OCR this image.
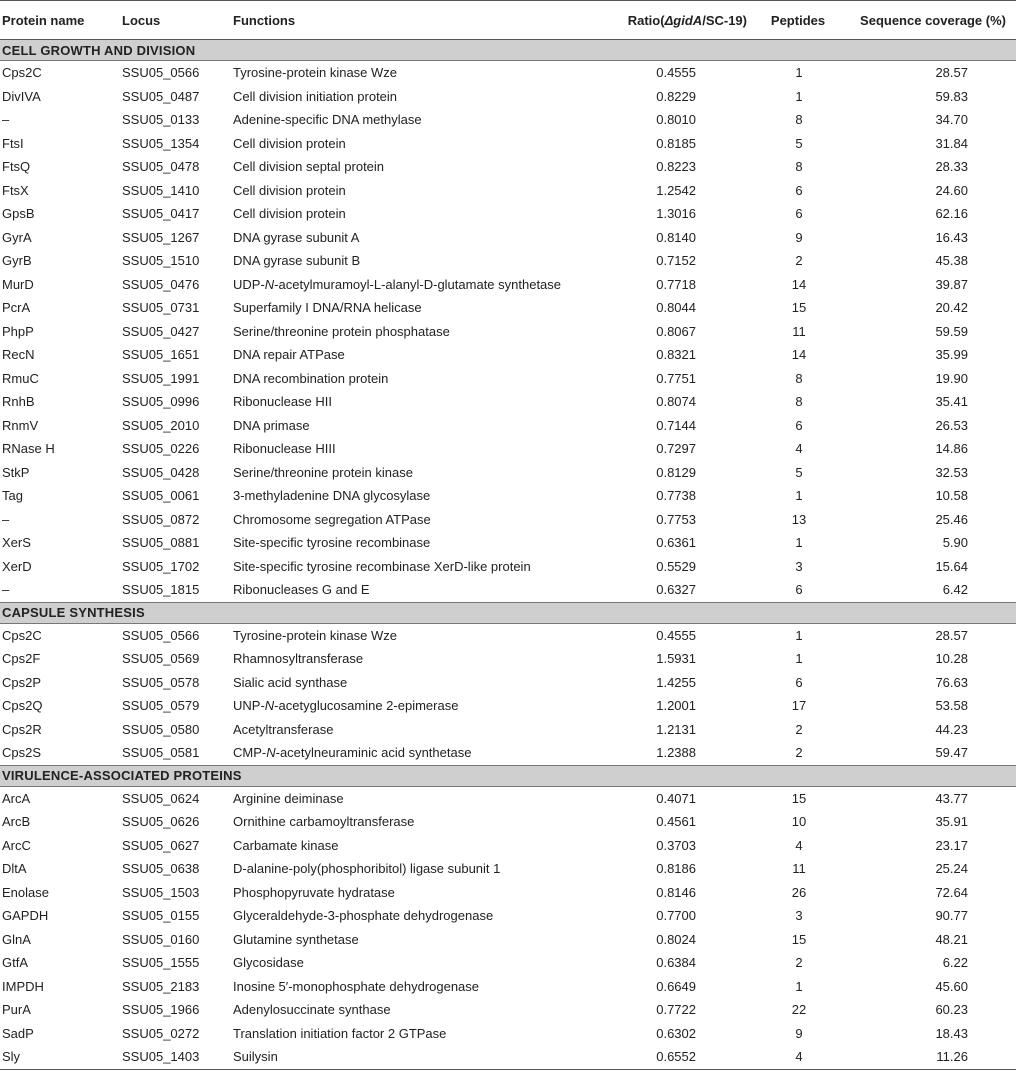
Protein name	Locus	Functions	Ratio(ΔgidA/SC-19)	Peptides	Sequence coverage (%)
CELL GROWTH AND DIVISION					
Cps2C	SSU05_0566	Tyrosine-protein kinase Wze	0.4555	1	28.57
DivIVA	SSU05_0487	Cell division initiation protein	0.8229	1	59.83
–	SSU05_0133	Adenine-specific DNA methylase	0.8010	8	34.70
FtsI	SSU05_1354	Cell division protein	0.8185	5	31.84
FtsQ	SSU05_0478	Cell division septal protein	0.8223	8	28.33
FtsX	SSU05_1410	Cell division protein	1.2542	6	24.60
GpsB	SSU05_0417	Cell division protein	1.3016	6	62.16
GyrA	SSU05_1267	DNA gyrase subunit A	0.8140	9	16.43
GyrB	SSU05_1510	DNA gyrase subunit B	0.7152	2	45.38
MurD	SSU05_0476	UDP-N-acetylmuramoyl-L-alanyl-D-glutamate synthetase	0.7718	14	39.87
PcrA	SSU05_0731	Superfamily I DNA/RNA helicase	0.8044	15	20.42
PhpP	SSU05_0427	Serine/threonine protein phosphatase	0.8067	11	59.59
RecN	SSU05_1651	DNA repair ATPase	0.8321	14	35.99
RmuC	SSU05_1991	DNA recombination protein	0.7751	8	19.90
RnhB	SSU05_0996	Ribonuclease HII	0.8074	8	35.41
RnmV	SSU05_2010	DNA primase	0.7144	6	26.53
RNase H	SSU05_0226	Ribonuclease HIII	0.7297	4	14.86
StkP	SSU05_0428	Serine/threonine protein kinase	0.8129	5	32.53
Tag	SSU05_0061	3-methyladenine DNA glycosylase	0.7738	1	10.58
–	SSU05_0872	Chromosome segregation ATPase	0.7753	13	25.46
XerS	SSU05_0881	Site-specific tyrosine recombinase	0.6361	1	5.90
XerD	SSU05_1702	Site-specific tyrosine recombinase XerD-like protein	0.5529	3	15.64
–	SSU05_1815	Ribonucleases G and E	0.6327	6	6.42
CAPSULE SYNTHESIS					
Cps2C	SSU05_0566	Tyrosine-protein kinase Wze	0.4555	1	28.57
Cps2F	SSU05_0569	Rhamnosyltransferase	1.5931	1	10.28
Cps2P	SSU05_0578	Sialic acid synthase	1.4255	6	76.63
Cps2Q	SSU05_0579	UNP-N-acetyglucosamine 2-epimerase	1.2001	17	53.58
Cps2R	SSU05_0580	Acetyltransferase	1.2131	2	44.23
Cps2S	SSU05_0581	CMP-N-acetylneuraminic acid synthetase	1.2388	2	59.47
VIRULENCE-ASSOCIATED PROTEINS					
ArcA	SSU05_0624	Arginine deiminase	0.4071	15	43.77
ArcB	SSU05_0626	Ornithine carbamoyltransferase	0.4561	10	35.91
ArcC	SSU05_0627	Carbamate kinase	0.3703	4	23.17
DltA	SSU05_0638	D-alanine-poly(phosphoribitol) ligase subunit 1	0.8186	11	25.24
Enolase	SSU05_1503	Phosphopyruvate hydratase	0.8146	26	72.64
GAPDH	SSU05_0155	Glyceraldehyde-3-phosphate dehydrogenase	0.7700	3	90.77
GlnA	SSU05_0160	Glutamine synthetase	0.8024	15	48.21
GtfA	SSU05_1555	Glycosidase	0.6384	2	6.22
IMPDH	SSU05_2183	Inosine 5′-monophosphate dehydrogenase	0.6649	1	45.60
PurA	SSU05_1966	Adenylosuccinate synthase	0.7722	22	60.23
SadP	SSU05_0272	Translation initiation factor 2 GTPase	0.6302	9	18.43
Sly	SSU05_1403	Suilysin	0.6552	4	11.26
